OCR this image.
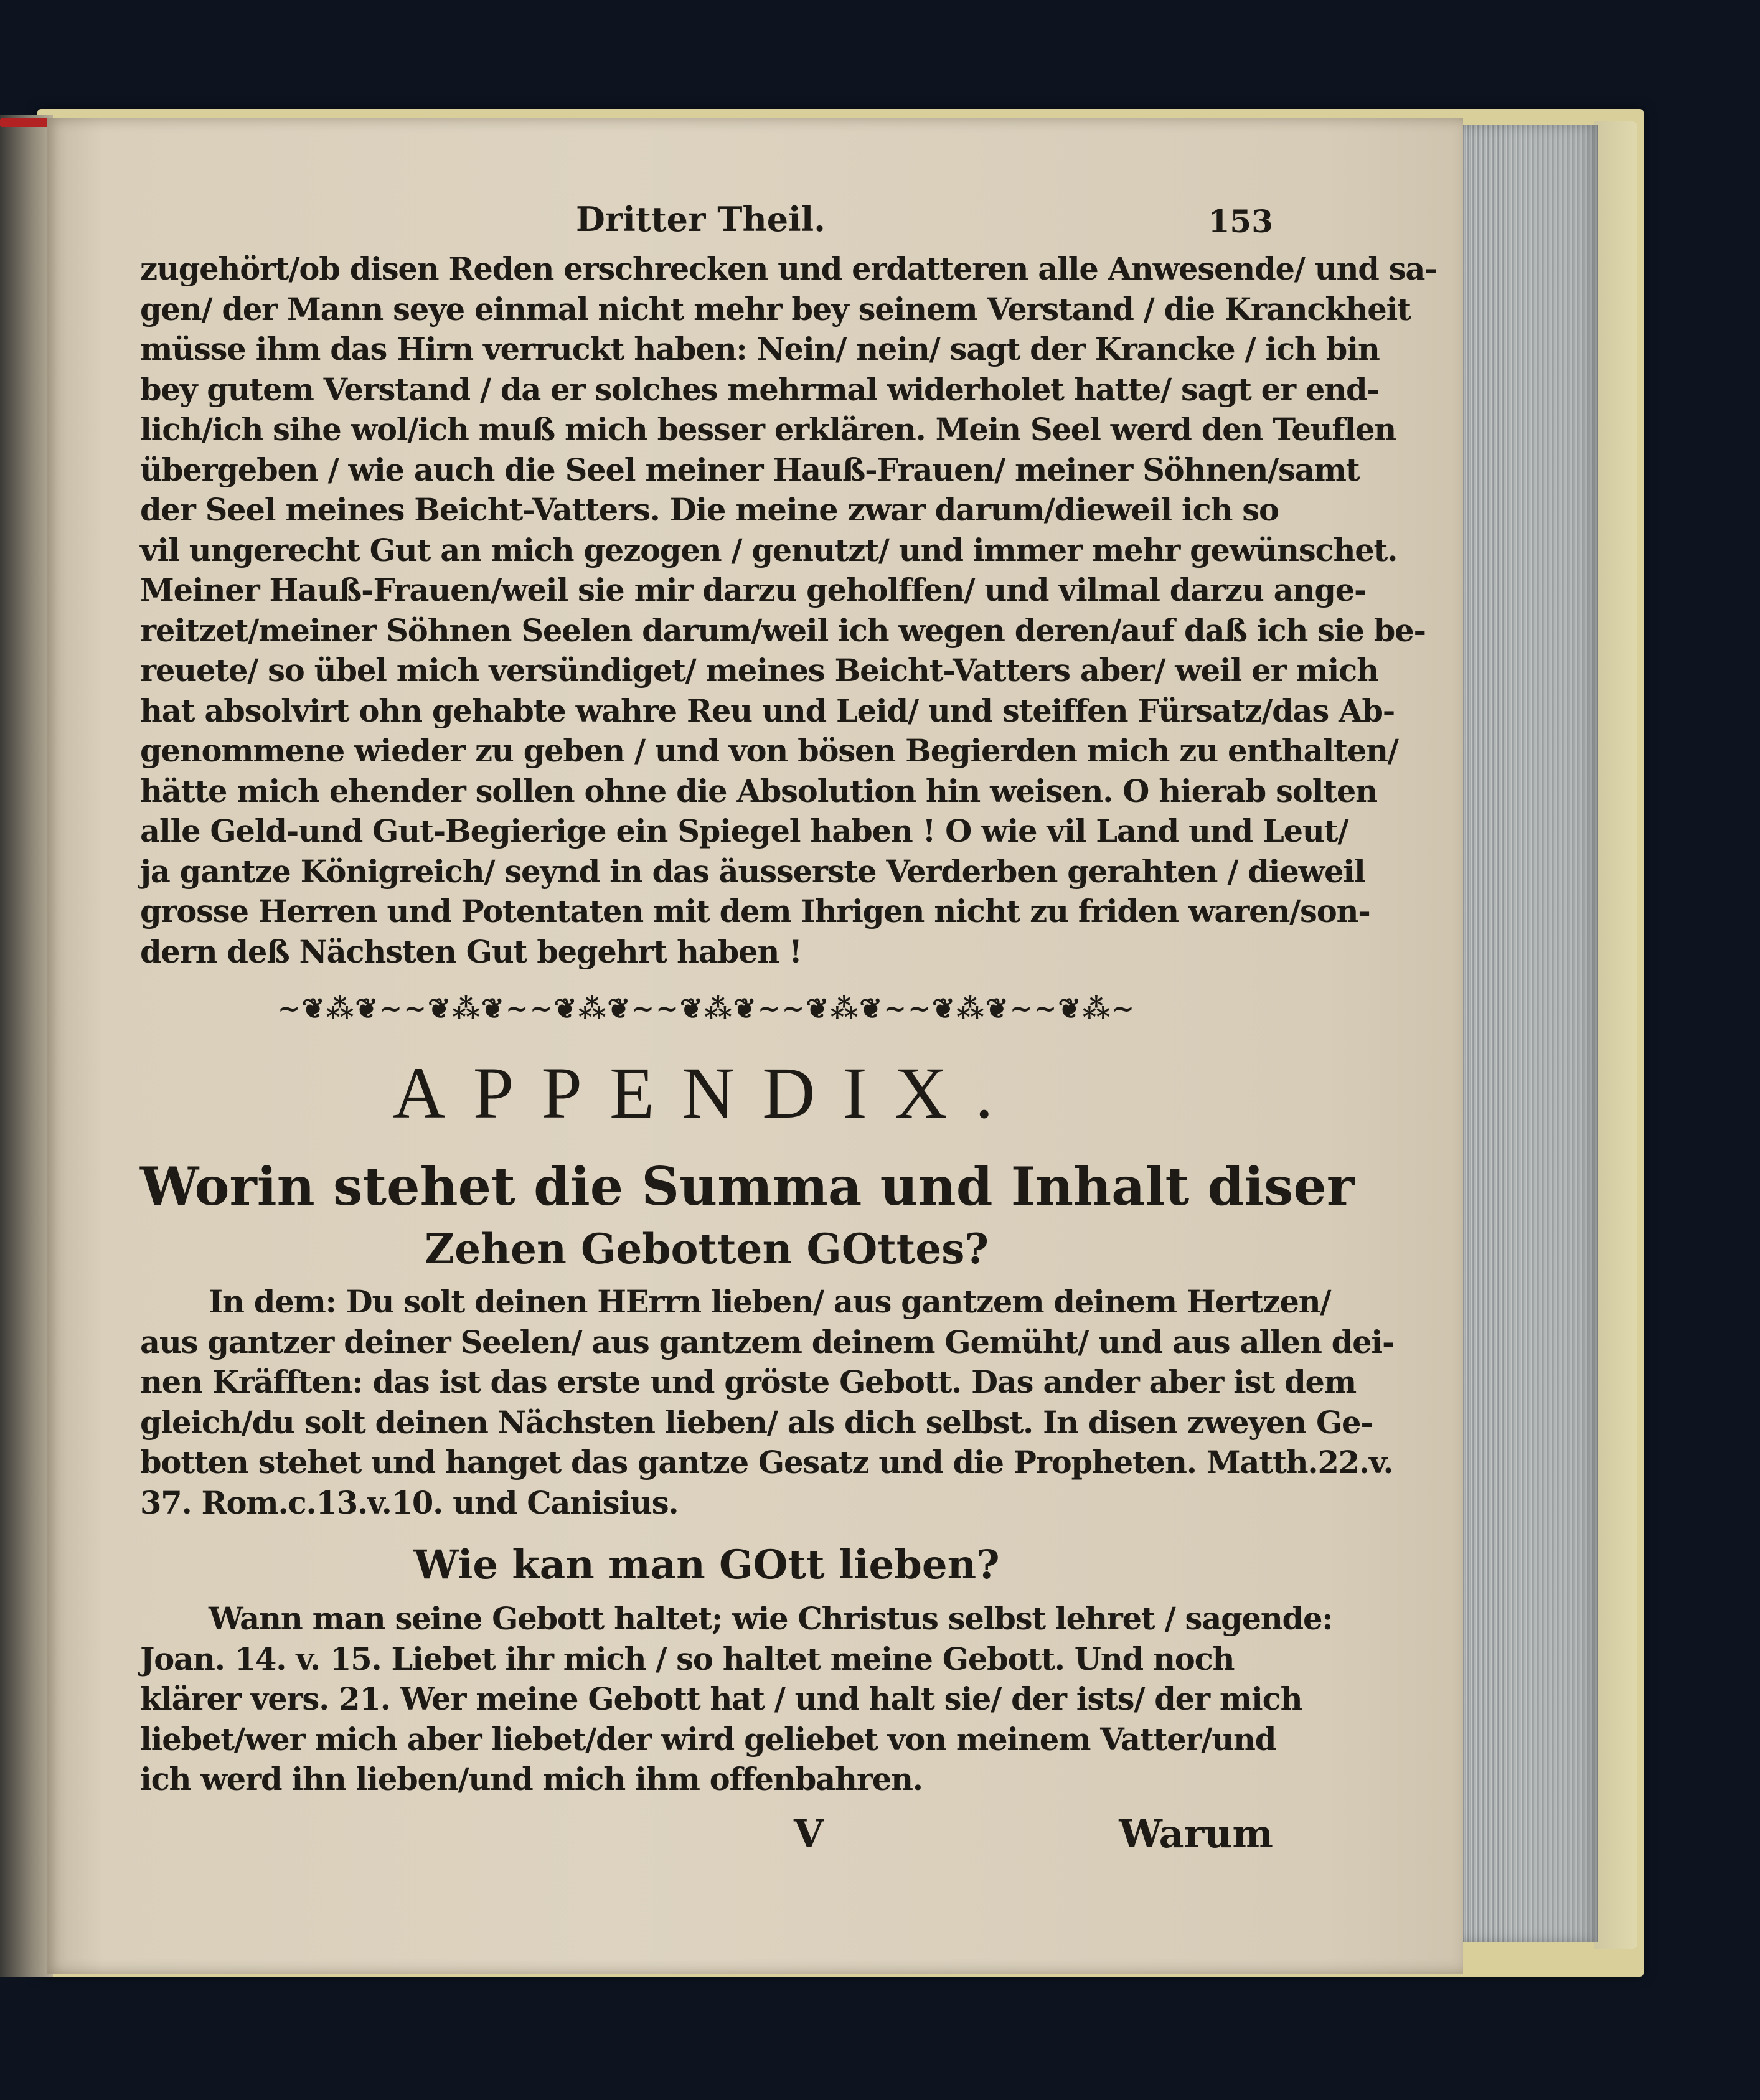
Dritter Theil.	153
zugehört/ob disen Reden erschrecken und erdatteren alle Anwesende/ und sa-
gen/ der Mann seye einmal nicht mehr bey seinem Verstand / die Kranckheit
müsse ihm das Hirn verruckt haben: Nein/ nein/ sagt der Krancke / ich bin
bey gutem Verstand / da er solches mehrmal widerholet hatte/ sagt er end-
lich/ich sihe wol/ich muß mich besser erklären. Mein Seel werd den Teuflen
übergeben / wie auch die Seel meiner Hauß-Frauen/ meiner Söhnen/samt
der Seel meines Beicht-Vatters. Die meine zwar darum/dieweil ich so
vil ungerecht Gut an mich gezogen / genutzt/ und immer mehr gewünschet.
Meiner Hauß-Frauen/weil sie mir darzu geholffen/ und vilmal darzu ange-
reitzet/meiner Söhnen Seelen darum/weil ich wegen deren/auf daß ich sie be-
reuete/ so übel mich versündiget/ meines Beicht-Vatters aber/ weil er mich
hat absolvirt ohn gehabte wahre Reu und Leid/ und steiffen Fürsatz/das Ab-
genommene wieder zu geben / und von bösen Begierden mich zu enthalten/
hätte mich ehender sollen ohne die Absolution hin weisen. O hierab solten
alle Geld-und Gut-Begierige ein Spiegel haben ! O wie vil Land und Leut/
ja gantze Königreich/ seynd in das äusserste Verderben gerahten / dieweil
grosse Herren und Potentaten mit dem Ihrigen nicht zu friden waren/son-
dern deß Nächsten Gut begehrt haben !
~❦⁂❦~~❦⁂❦~~❦⁂❦~~❦⁂❦~~❦⁂❦~~❦⁂❦~~❦⁂~
APPENDIX.
Worin stehet die Summa und Inhalt diser
Zehen Gebotten GOttes?
In dem: Du solt deinen HErrn lieben/ aus gantzem deinem Hertzen/
aus gantzer deiner Seelen/ aus gantzem deinem Gemüht/ und aus allen dei-
nen Kräfften: das ist das erste und gröste Gebott. Das ander aber ist dem
gleich/du solt deinen Nächsten lieben/ als dich selbst. In disen zweyen Ge-
botten stehet und hanget das gantze Gesatz und die Propheten. Matth.22.v.
37. Rom.c.13.v.10. und Canisius.
Wie kan man GOtt lieben?
Wann man seine Gebott haltet; wie Christus selbst lehret / sagende:
Joan. 14. v. 15. Liebet ihr mich / so haltet meine Gebott. Und noch
klärer vers. 21. Wer meine Gebott hat / und halt sie/ der ists/ der mich
liebet/wer mich aber liebet/der wird geliebet von meinem Vatter/und
ich werd ihn lieben/und mich ihm offenbahren.
V	Warum
